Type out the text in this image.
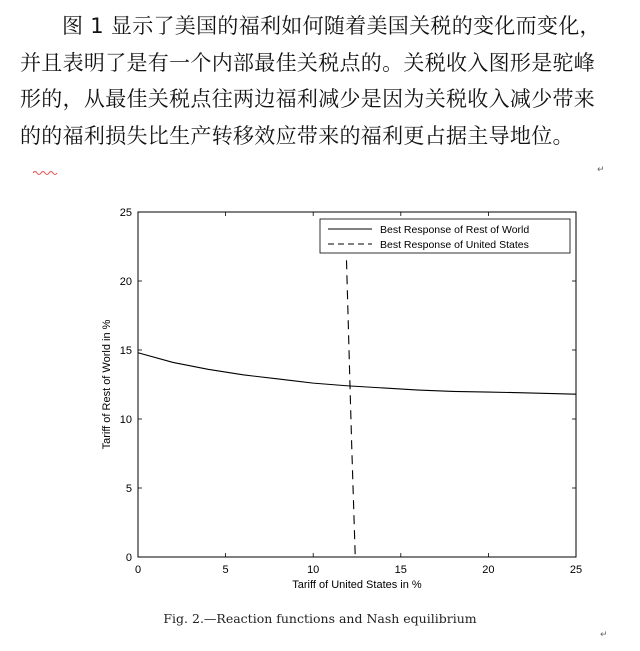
图 1 显示了美国的福利如何随着美国关税的变化而变化，
并且表明了是有一个内部最佳关税点的。关税收入图形是驼峰
形的，从最佳关税点往两边福利减少是因为关税收入减少带来
的的福利损失比生产转移效应带来的福利更占据主导地位。
↵
↵
0	5	10	15	20	25
0
5
10
15
20
25
Best Response of Rest of World
Best Response of United States
Tariff of United States in %
Tariff of Rest of World in %
Fig. 2.—Reaction functions and Nash equilibrium
